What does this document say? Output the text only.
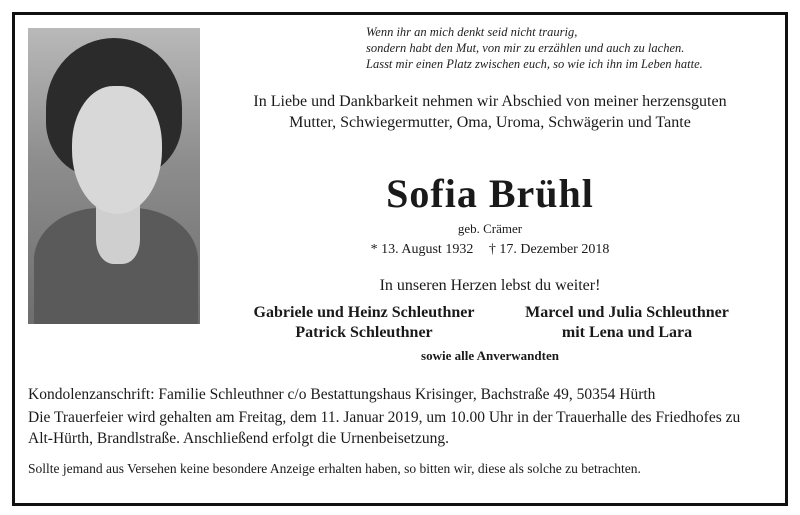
Wenn ihr an mich denkt seid nicht traurig,
sondern habt den Mut, von mir zu erzählen und auch zu lachen.
Lasst mir einen Platz zwischen euch, so wie ich ihn im Leben hatte.
In Liebe und Dankbarkeit nehmen wir Abschied von meiner herzensguten
Mutter, Schwiegermutter, Oma, Uroma, Schwägerin und Tante
Sofia Brühl
geb. Crämer
* 13. August 1932 † 17. Dezember 2018
In unseren Herzen lebst du weiter!
Gabriele und Heinz Schleuthner
Patrick Schleuthner
Marcel und Julia Schleuthner
mit Lena und Lara
sowie alle Anverwandten
Kondolenzanschrift: Familie Schleuthner c/o Bestattungshaus Krisinger, Bachstraße 49, 50354 Hürth
Die Trauerfeier wird gehalten am Freitag, dem 11. Januar 2019, um 10.00 Uhr in der Trauerhalle des Friedhofes zu Alt-Hürth, Brandlstraße. Anschließend erfolgt die Urnenbeisetzung.
Sollte jemand aus Versehen keine besondere Anzeige erhalten haben, so bitten wir, diese als solche zu betrachten.
